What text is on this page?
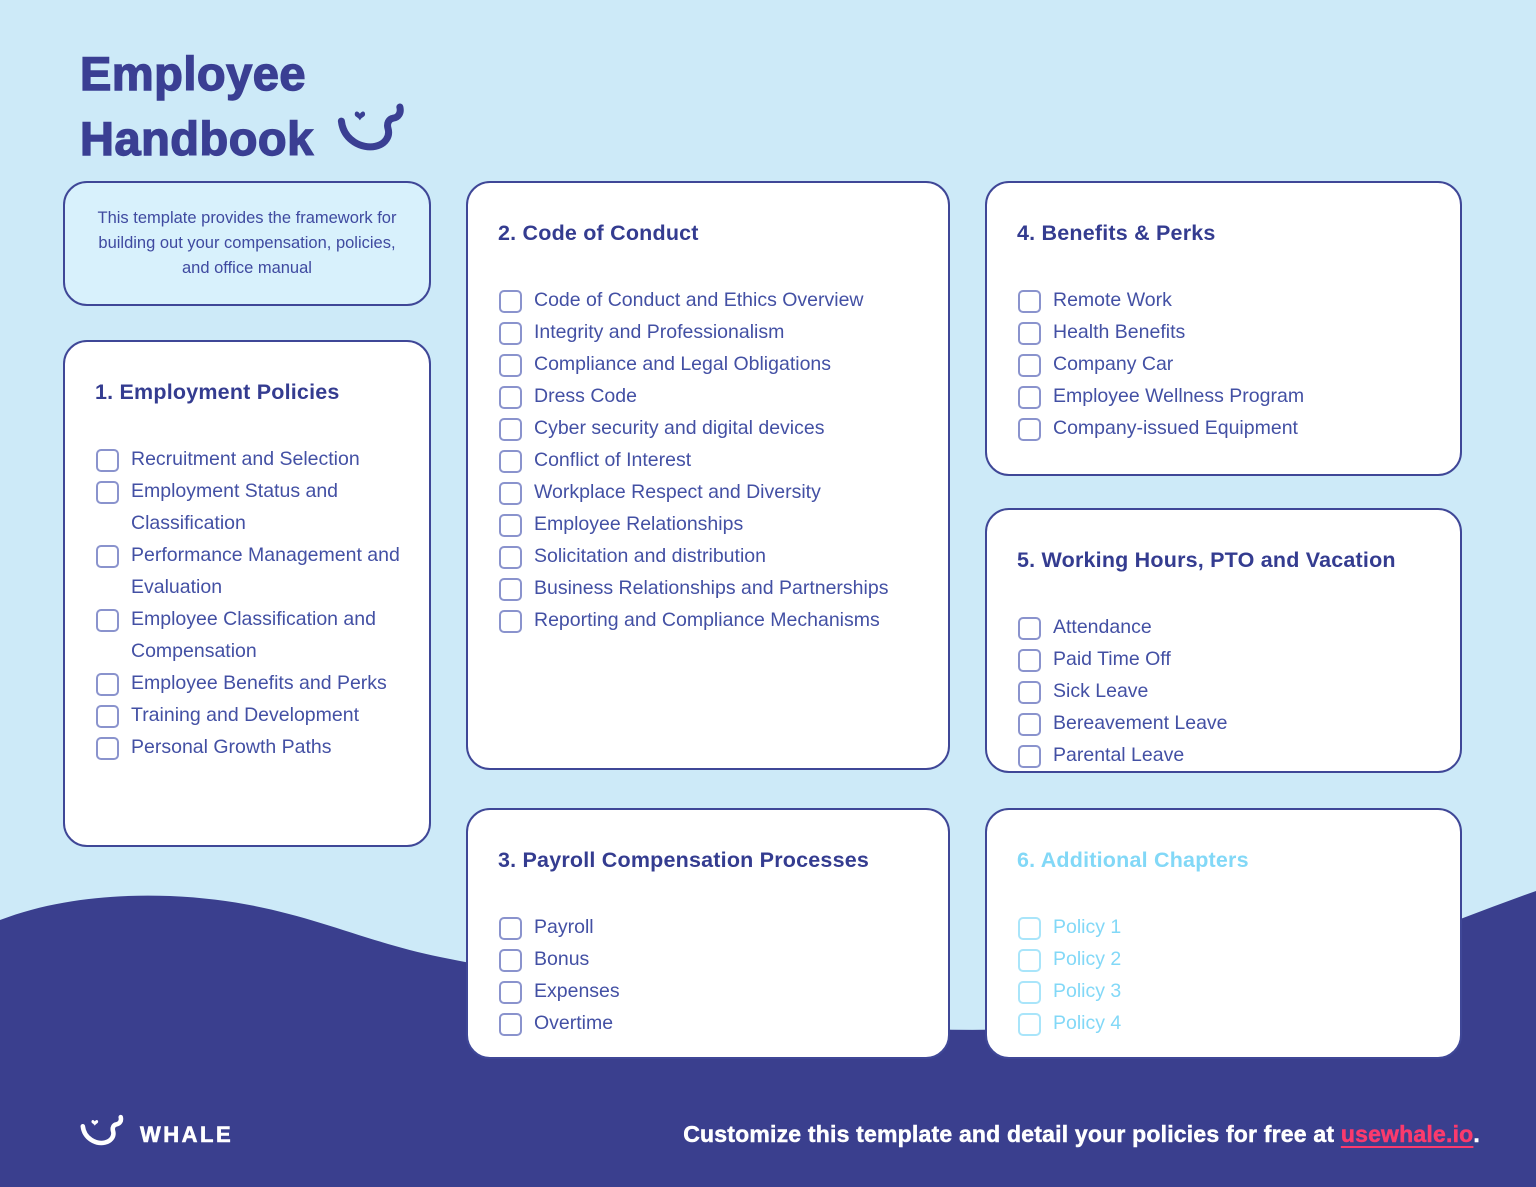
Employee
Handbook
This template provides the framework for
building out your compensation, policies,
and office manual
1. Employment Policies
Recruitment and Selection
Employment Status and Classification
Performance Management and Evaluation
Employee Classification and Compensation
Employee Benefits and Perks
Training and Development
Personal Growth Paths
2. Code of Conduct
Code of Conduct and Ethics Overview
Integrity and Professionalism
Compliance and Legal Obligations
Dress Code
Cyber security and digital devices
Conflict of Interest
Workplace Respect and Diversity
Employee Relationships
Solicitation and distribution
Business Relationships and Partnerships
Reporting and Compliance Mechanisms
3. Payroll Compensation Processes
Payroll
Bonus
Expenses
Overtime
4. Benefits & Perks
Remote Work
Health Benefits
Company Car
Employee Wellness Program
Company-issued Equipment
5. Working Hours, PTO and Vacation
Attendance
Paid Time Off
Sick Leave
Bereavement Leave
Parental Leave
6. Additional Chapters
Policy 1
Policy 2
Policy 3
Policy 4
WHALE	Customize this template and detail your policies for free at usewhale.io.
